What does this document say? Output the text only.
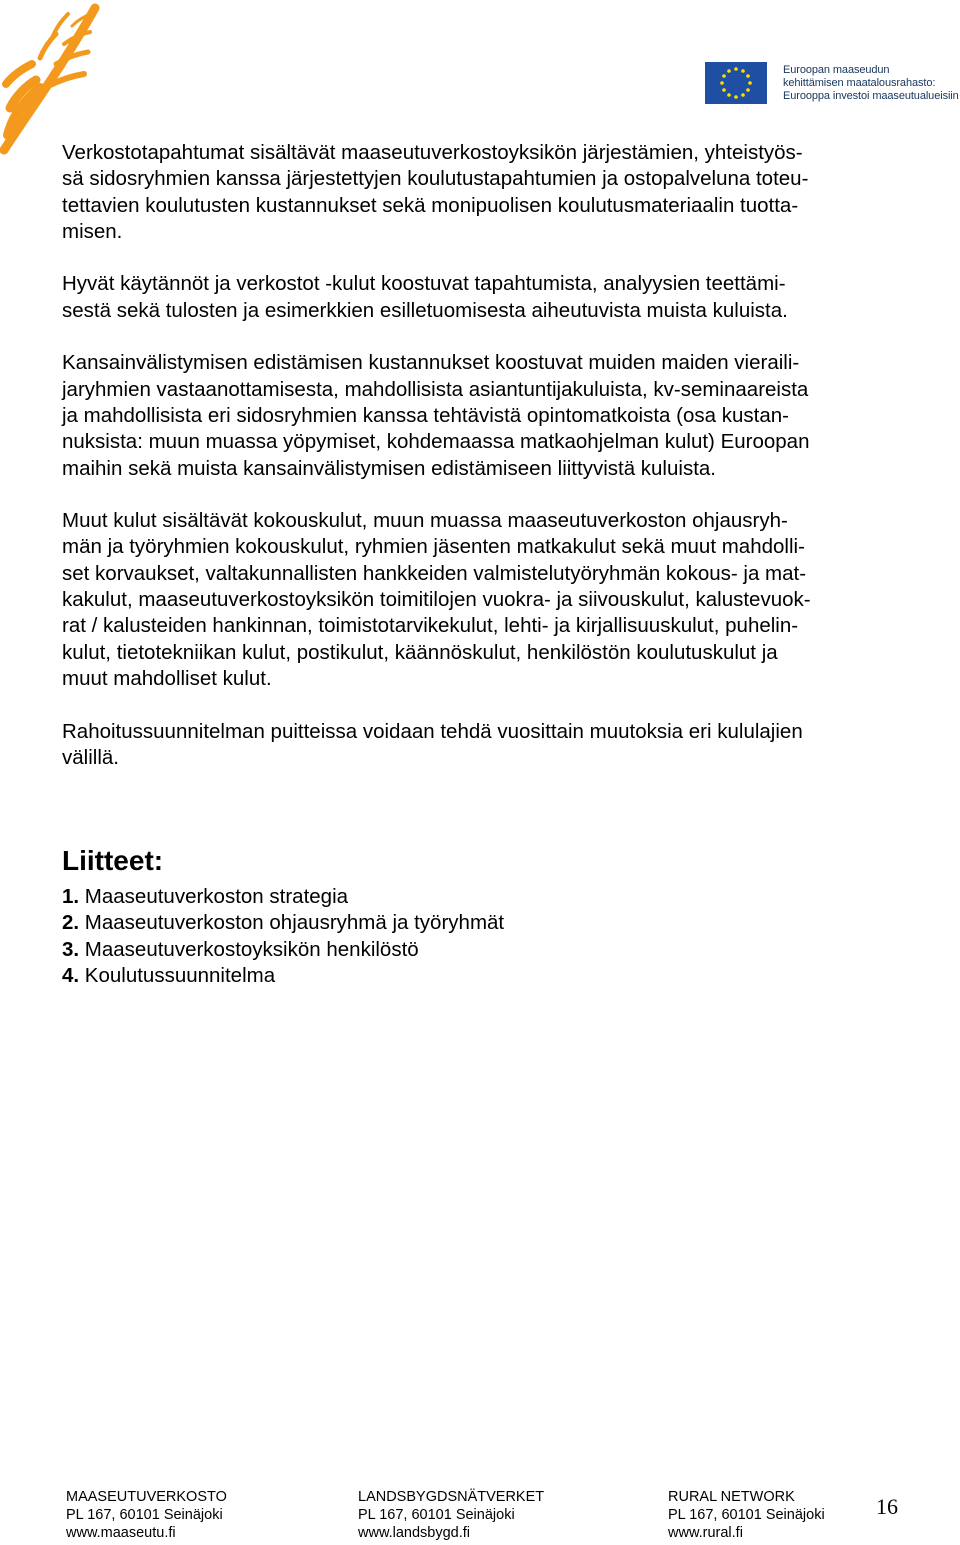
Euroopan maaseudun
kehittämisen maatalousrahasto:
Eurooppa investoi maaseutualueisiin

Verkostotapahtumat sisältävät maaseutuverkostoyksikön järjestämien, yhteistyös-
sä sidosryhmien kanssa järjestettyjen koulutustapahtumien ja ostopalveluna toteu-
tettavien koulutusten kustannukset sekä monipuolisen koulutusmateriaalin tuotta-
misen.

Hyvät käytännöt ja verkostot -kulut koostuvat tapahtumista, analyysien teettämi-
sestä sekä tulosten ja esimerkkien esilletuomisesta aiheutuvista muista kuluista.

Kansainvälistymisen edistämisen kustannukset koostuvat muiden maiden vieraili-
jaryhmien vastaanottamisesta, mahdollisista asiantuntijakuluista, kv-seminaareista
ja mahdollisista eri sidosryhmien kanssa tehtävistä opintomatkoista (osa kustan-
nuksista: muun muassa yöpymiset, kohdemaassa matkaohjelman kulut) Euroopan
maihin sekä muista kansainvälistymisen edistämiseen liittyvistä kuluista.

Muut kulut sisältävät kokouskulut, muun muassa maaseutuverkoston ohjausryh-
män ja työryhmien kokouskulut, ryhmien jäsenten matkakulut sekä muut mahdolli-
set korvaukset, valtakunnallisten hankkeiden valmistelutyöryhmän kokous- ja mat-
kakulut, maaseutuverkostoyksikön toimitilojen vuokra- ja siivouskulut, kalustevuok-
rat / kalusteiden hankinnan, toimistotarvikekulut, lehti- ja kirjallisuuskulut, puhelin-
kulut, tietotekniikan kulut, postikulut, käännöskulut, henkilöstön koulutuskulut ja
muut mahdolliset kulut.

Rahoitussuunnitelman puitteissa voidaan tehdä vuosittain muutoksia eri kululajien
välillä.

Liitteet:
1. Maaseutuverkoston strategia
2. Maaseutuverkoston ohjausryhmä ja työryhmät
3. Maaseutuverkostoyksikön henkilöstö
4. Koulutussuunnitelma
MAASEUTUVERKOSTO
PL 167, 60101 Seinäjoki
www.maaseutu.fi
LANDSBYGDSNÄTVERKET
PL 167, 60101 Seinäjoki
www.landsbygd.fi
RURAL NETWORK
PL 167, 60101 Seinäjoki
www.rural.fi
16
